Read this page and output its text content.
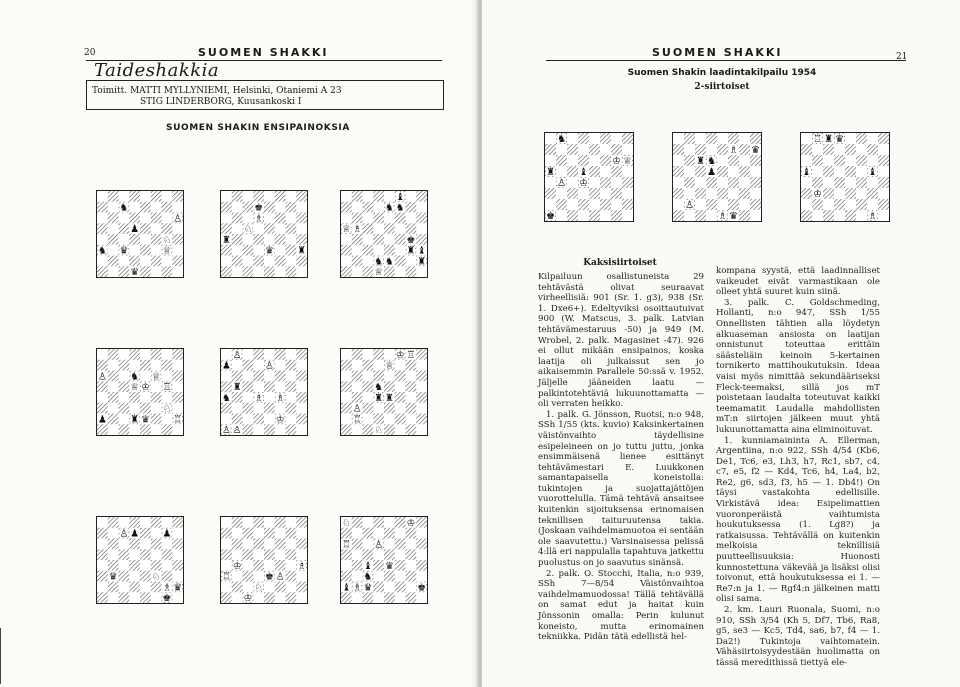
20	SUOMEN SHAKKI
Taideshakkia
Toimitt. MATTI MYLLYNIEMI, Helsinki, Otaniemi A 23
STIG LINDERBORG, Kuusankoski I
SUOMEN SHAKIN ENSIPAINOKSIA
♛
♙
♟
♛
♞	♕
♞
♘
♛
♗
♚
♜
♘
♜	♚
♕
♕
♞
♝
♗
♞
♞
♝
♞
♜
♜
♙
♔
♜
♟	♖
♞
♘
♖
♛
♕
♕
♙
♞ ♗
♔
♜
♙
♟
♙ ♙
♗
♘
♜
♞
♖
♕
♔
♙
♜
♖
♘
♛
♙
♗
♚
♛
♟ ♟
♗
♙
♔
♘
♔
♖	♚
♖
♗ ♛	♚
♙
♝
♔
♛
♞
♘
♝
SUOMEN SHAKKI	21
Suomen Shakin laadintakilpailu 1954
2-siirtoiset
♜
♕
♞
♚
♙
♔
♝
♔
♜
♟
♙
♛
♞
♛
♗
♗
♛
♝
♔
♜
♗
♖
♝
Kaksisiirtoiset

Kilpailuun osallistuneista 29 tehtävästä olivat seuraavat virheellisiä: 901 (Sr. 1. g3), 938 (Sr. 1. Dxe6+). Edeltyviksi osoittautuivat 900 (W. Matscus, 3. palk. Latvian tehtävämestaruus -50) ja 949 (M. Wrobel, 2. palk. Magasinet -47). 926 ei ollut mikään ensipainos, koska laatija oli julkaissut sen jo aikaisemmin Parallele 50:ssä v. 1952. Jäljelle jääneiden laatu — palkintotehtäviä lukuunottamatta — oli verraten heikko.

1. palk. G. Jönsson, Ruotsi, n:o 948, SSh 1/55 (kts. kuvio) Kaksinkertainen väistönvaihto täydellisine esipeleineen on jo tuttu juttu, jonka ensimmäisenä lienee esittänyt tehtävämestari E. Luukkonen samantapaisella koneistolla: tukintojen ja suojattajättöjen vuorottelulla. Tämä tehtävä ansaitsee kuitenkin sijoituksensa erinomaisen teknillisen taituruutensa takia. (Joskaan vaihdelmamuotoa ei sentään ole saavutettu.) Varsinaisessa pelissä 4:llä eri nappulalla tapahtuva jatkettu puolustus on jo saavutus sinänsä.

2. palk. O. Stocchi, Italia, n:o 939, SSh 7—8/54 Väistönvaihtoa vaihdelmamuodossa! Tällä tehtävällä on samat edut ja haitat kuin Jönssonin omalla: Perin kulunut koneisto, mutta erinomainen tekniikka. Pidän tätä edellistä hel-

kompana syystä, että laadinnalliset vaikeudet eivät varmastikaan ole olleet yhtä suuret kuin siinä.

3. palk. C. Goldschmeding, Hollanti, n:o 947, SSh 1/55 Onnellisten tähtien alla löydetyn alkuaseman ansiosta on laatijan onnistunut toteuttaa erittäin säästeliäin keinoin 5-kertainen tornikerto mattihoukutuksin. Ideaa vaisi myös nimittää sekundääriseksi Fleck-teemaksi, sillä jos mT poistetaan laudalta toteutuvat kaikki teemamatit Laudalla mahdollisten mT:n siirtojen jälkeen muut yhtä lukuunottamatta aina eliminoituvat.

1. kunniamaininta A. Ellerman, Argentiina, n:o 922, SSh 4/54 (Kb6, De1, Tc6, e3, Lh3, h7, Rc1, sb7, c4, c7, e5, f2 — Kd4, Tc6, h4, La4, b2, Re2, g6, sd3, f3, h5 — 1. Db4!) On täysi vastakohta edellisille. Virkistävä idea: Esipelimattien vuoronperäistä vaihtumista houkutuksessa (1. Lg8?) ja ratkaisussa. Tehtävällä on kuitenkin melkoisia teknillisiä puutteellisuuksia: Huonosti kunnostettuna väkevää ja lisäksi olisi toivonut, että houkutuksessa ei 1. — Re7:n ja 1. — Rgf4:n jälkeinen matti olisi sama.

2. km. Lauri Ruonala, Suomi, n:o 910, SSh 3/54 (Kh 5, Df7, Tb6, Ra8, g5, se3 — Kc5, Td4, sa6, b7, f4 — 1. Da2!) Tukintoja vaihtomatein. Vähäsiirtoisyydestään huolimatta on tässä meredithissä tiettyä ele-
